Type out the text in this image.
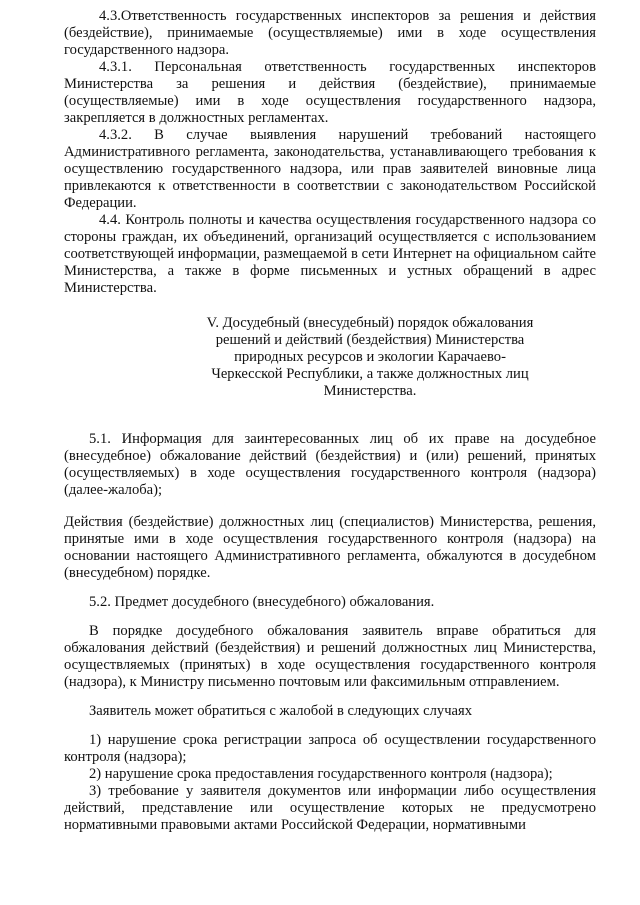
4.3.Ответственность государственных инспекторов за решения и действия (бездействие), принимаемые (осуществляемые) ими в ходе осуществления государственного надзора.

4.3.1. Персональная ответственность государственных инспекторов Министерства за решения и действия (бездействие), принимаемые (осуществляемые) ими в ходе осуществления государственного надзора, закрепляется в должностных регламентах.

4.3.2. В случае выявления нарушений требований настоящего Административного регламента, законодательства, устанавливающего требования к осуществлению государственного надзора, или прав заявителей виновные лица привлекаются к ответственности в соответствии с законодательством Российской Федерации.

4.4. Контроль полноты и качества осуществления государственного надзора со стороны граждан, их объединений, организаций осуществляется с использованием соответствующей информации, размещаемой в сети Интернет на официальном сайте Министерства, а также в форме письменных и устных обращений в адрес Министерства.

V. Досудебный (внесудебный) порядок обжалования
решений и действий (бездействия) Министерства
природных ресурсов и экологии Карачаево-
Черкесской Республики, а также должностных лиц
Министерства.

5.1. Информация для заинтересованных лиц об их праве на досудебное (внесудебное) обжалование действий (бездействия) и (или) решений, принятых (осуществляемых) в ходе осуществления государственного контроля (надзора) (далее-жалоба);

Действия (бездействие) должностных лиц (специалистов) Министерства, решения, принятые ими в ходе осуществления государственного контроля (надзора) на основании настоящего Административного регламента, обжалуются в досудебном (внесудебном) порядке.

5.2. Предмет досудебного (внесудебного) обжалования.

В порядке досудебного обжалования заявитель вправе обратиться для обжалования действий (бездействия) и решений должностных лиц Министерства, осуществляемых (принятых) в ходе осуществления государственного контроля (надзора), к Министру письменно почтовым или факсимильным отправлением.

Заявитель может обратиться с жалобой в следующих случаях

1) нарушение срока регистрации запроса об осуществлении государственного контроля (надзора);

2) нарушение срока предоставления государственного контроля (надзора);

3) требование у заявителя документов или информации либо осуществления действий, представление или осуществление которых не предусмотрено нормативными правовыми актами Российской Федерации, нормативными
